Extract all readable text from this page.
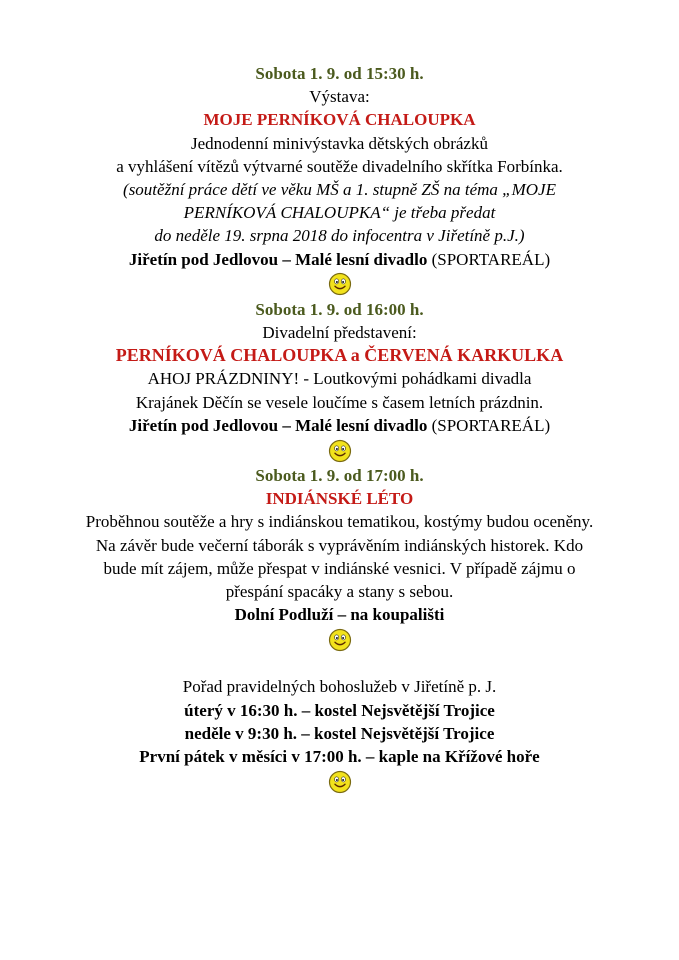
Sobota 1. 9. od 15:30 h.
Výstava:
MOJE PERNÍKOVÁ CHALOUPKA
Jednodenní minivýstavka dětských obrázků
a vyhlášení vítězů výtvarné soutěže divadelního skřítka Forbínka.
(soutěžní práce dětí ve věku MŠ a 1. stupně ZŠ na téma „MOJE
PERNÍKOVÁ CHALOUPKA“ je třeba předat
do neděle 19. srpna 2018 do infocentra v Jiřetíně p.J.)
Jiřetín pod Jedlovou – Malé lesní divadlo (SPORTAREÁL)
Sobota 1. 9. od 16:00 h.
Divadelní představení:
PERNÍKOVÁ CHALOUPKA a ČERVENÁ KARKULKA
AHOJ PRÁZDNINY! - Loutkovými pohádkami divadla
Krajánek Děčín se vesele loučíme s časem letních prázdnin.
Jiřetín pod Jedlovou – Malé lesní divadlo (SPORTAREÁL)
Sobota 1. 9. od 17:00 h.
INDIÁNSKÉ LÉTO
Proběhnou soutěže a hry s indiánskou tematikou, kostýmy budou oceněny.
Na závěr bude večerní táborák s vyprávěním indiánských historek. Kdo
bude mít zájem, může přespat v indiánské vesnici. V případě zájmu o
přespání spacáky a stany s sebou.
Dolní Podluží – na koupališti
Pořad pravidelných bohoslužeb v Jiřetíně p. J.
úterý v 16:30 h. – kostel Nejsvětější Trojice
neděle v 9:30 h. – kostel Nejsvětější Trojice
První pátek v měsíci v 17:00 h. – kaple na Křížové hoře
